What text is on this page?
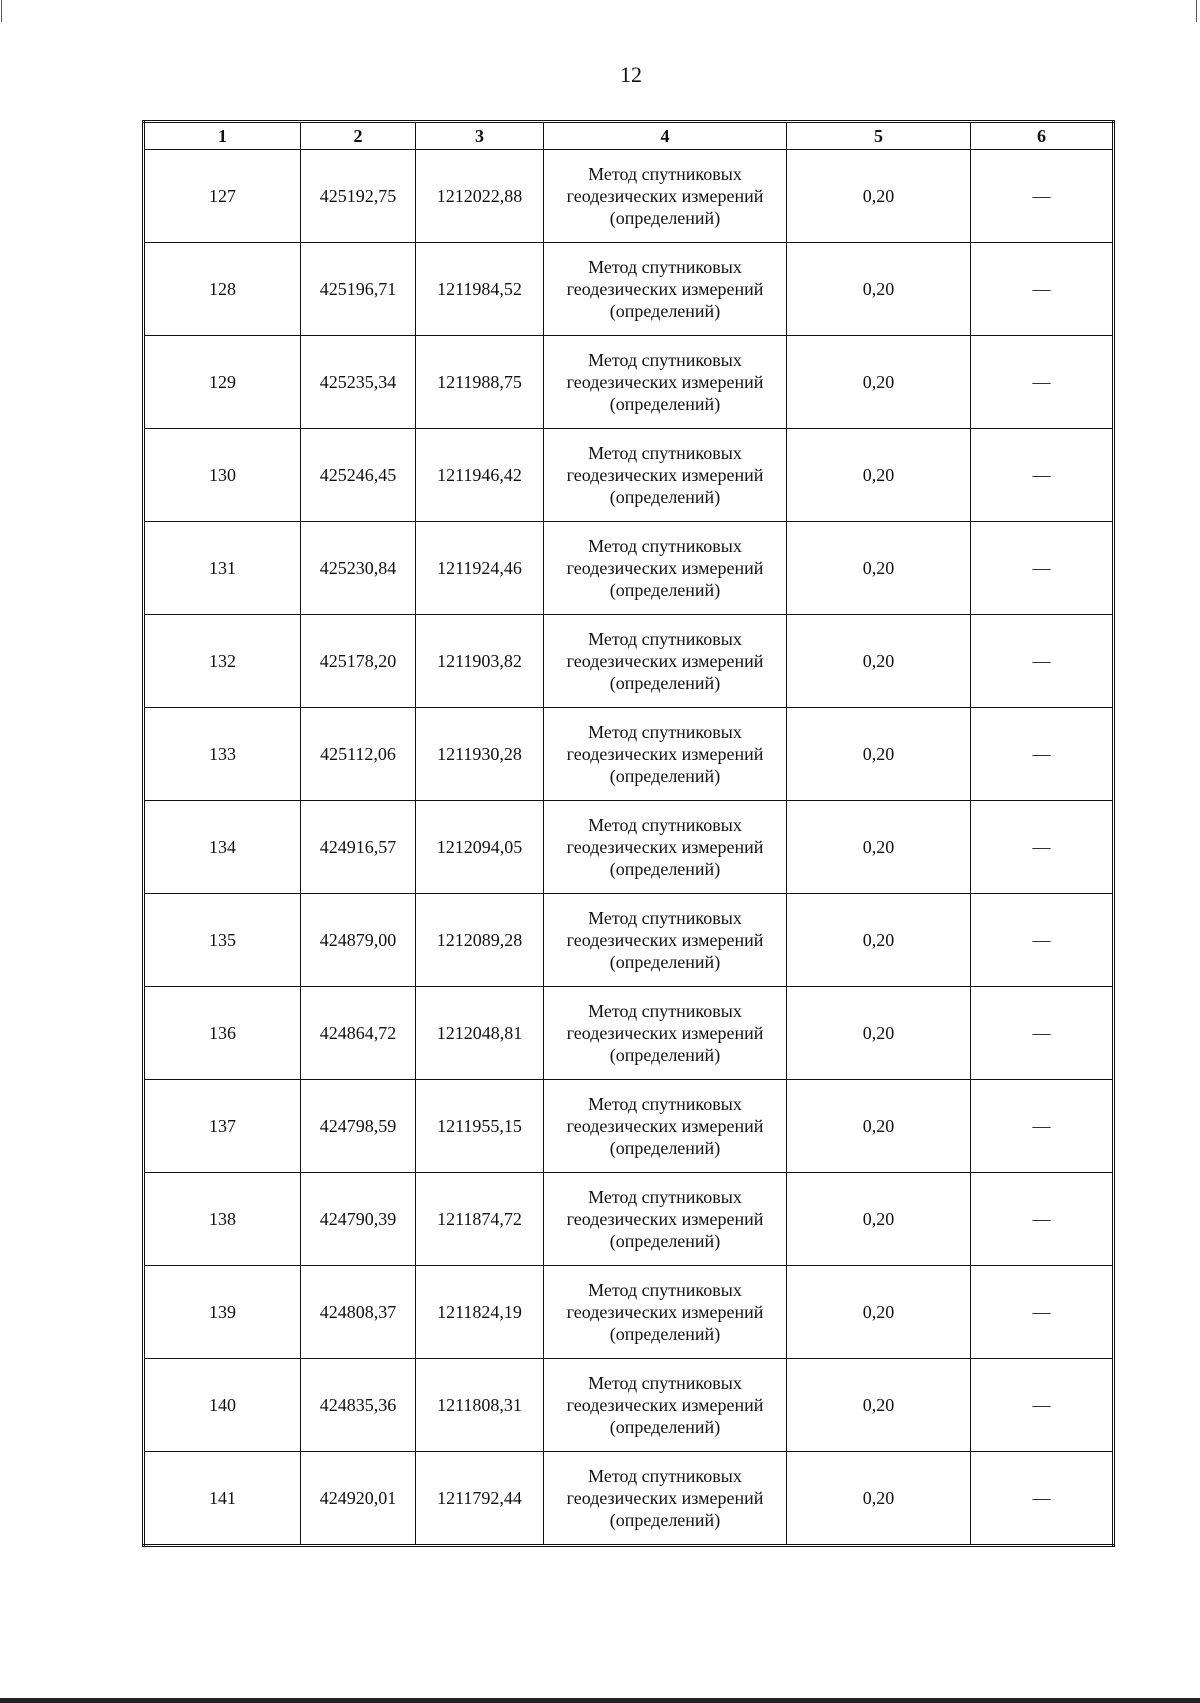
12
1	2	3	4	5	6
127	425192,75	1212022,88	Метод спутниковых геодезических измерений (определений)	0,20	—
128	425196,71	1211984,52	Метод спутниковых геодезических измерений (определений)	0,20	—
129	425235,34	1211988,75	Метод спутниковых геодезических измерений (определений)	0,20	—
130	425246,45	1211946,42	Метод спутниковых геодезических измерений (определений)	0,20	—
131	425230,84	1211924,46	Метод спутниковых геодезических измерений (определений)	0,20	—
132	425178,20	1211903,82	Метод спутниковых геодезических измерений (определений)	0,20	—
133	425112,06	1211930,28	Метод спутниковых геодезических измерений (определений)	0,20	—
134	424916,57	1212094,05	Метод спутниковых геодезических измерений (определений)	0,20	—
135	424879,00	1212089,28	Метод спутниковых геодезических измерений (определений)	0,20	—
136	424864,72	1212048,81	Метод спутниковых геодезических измерений (определений)	0,20	—
137	424798,59	1211955,15	Метод спутниковых геодезических измерений (определений)	0,20	—
138	424790,39	1211874,72	Метод спутниковых геодезических измерений (определений)	0,20	—
139	424808,37	1211824,19	Метод спутниковых геодезических измерений (определений)	0,20	—
140	424835,36	1211808,31	Метод спутниковых геодезических измерений (определений)	0,20	—
141	424920,01	1211792,44	Метод спутниковых геодезических измерений (определений)	0,20	—
